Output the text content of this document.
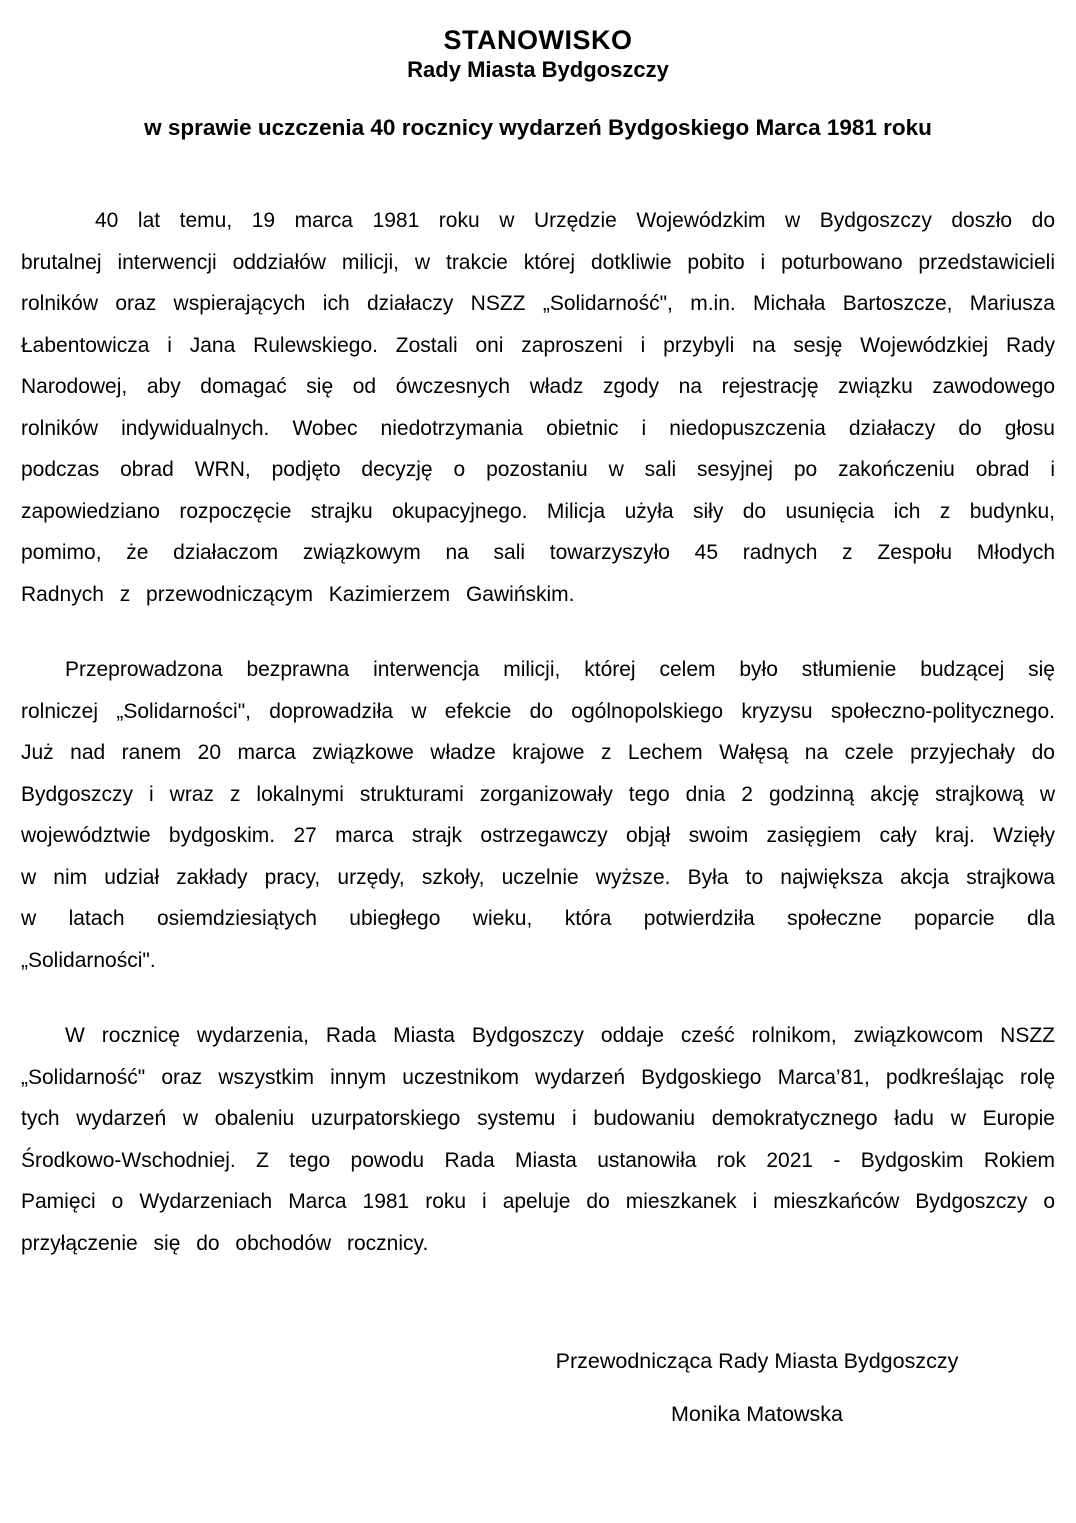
STANOWISKO
Rady Miasta Bydgoszczy
w sprawie uczczenia 40 rocznicy wydarzeń Bydgoskiego Marca 1981 roku

40 lat temu, 19 marca 1981 roku w Urzędzie Wojewódzkim w Bydgoszczy doszło do brutalnej interwencji oddziałów milicji, w trakcie której dotkliwie pobito i poturbowano przedstawicieli rolników oraz wspierających ich działaczy NSZZ „Solidarność", m.in. Michała Bartoszcze, Mariusza Łabentowicza i Jana Rulewskiego. Zostali oni zaproszeni i przybyli na sesję Wojewódzkiej Rady Narodowej, aby domagać się od ówczesnych władz zgody na rejestrację związku zawodowego rolników indywidualnych. Wobec niedotrzymania obietnic i niedopuszczenia działaczy do głosu podczas obrad WRN, podjęto decyzję o pozostaniu w sali sesyjnej po zakończeniu obrad i zapowiedziano rozpoczęcie strajku okupacyjnego. Milicja użyła siły do usunięcia ich z budynku, pomimo, że działaczom związkowym na sali towarzyszyło 45 radnych z Zespołu Młodych Radnych z przewodniczącym Kazimierzem Gawińskim.

Przeprowadzona bezprawna interwencja milicji, której celem było stłumienie budzącej się rolniczej „Solidarności", doprowadziła w efekcie do ogólnopolskiego kryzysu społeczno-politycznego. Już nad ranem 20 marca związkowe władze krajowe z Lechem Wałęsą na czele przyjechały do Bydgoszczy i wraz z lokalnymi strukturami zorganizowały tego dnia 2 godzinną akcję strajkową w województwie bydgoskim. 27 marca strajk ostrzegawczy objął swoim zasięgiem cały kraj. Wzięły w nim udział zakłady pracy, urzędy, szkoły, uczelnie wyższe. Była to największa akcja strajkowa w latach osiemdziesiątych ubiegłego wieku, która potwierdziła społeczne poparcie dla „Solidarności".

W rocznicę wydarzenia, Rada Miasta Bydgoszczy oddaje cześć rolnikom, związkowcom NSZZ „Solidarność" oraz wszystkim innym uczestnikom wydarzeń Bydgoskiego Marca’81, podkreślając rolę tych wydarzeń w obaleniu uzurpatorskiego systemu i budowaniu demokratycznego ładu w Europie Środkowo-Wschodniej. Z tego powodu Rada Miasta ustanowiła rok 2021 - Bydgoskim Rokiem Pamięci o Wydarzeniach Marca 1981 roku i apeluje do mieszkanek i mieszkańców Bydgoszczy o przyłączenie się do obchodów rocznicy.

Przewodnicząca Rady Miasta Bydgoszczy
Monika Matowska
